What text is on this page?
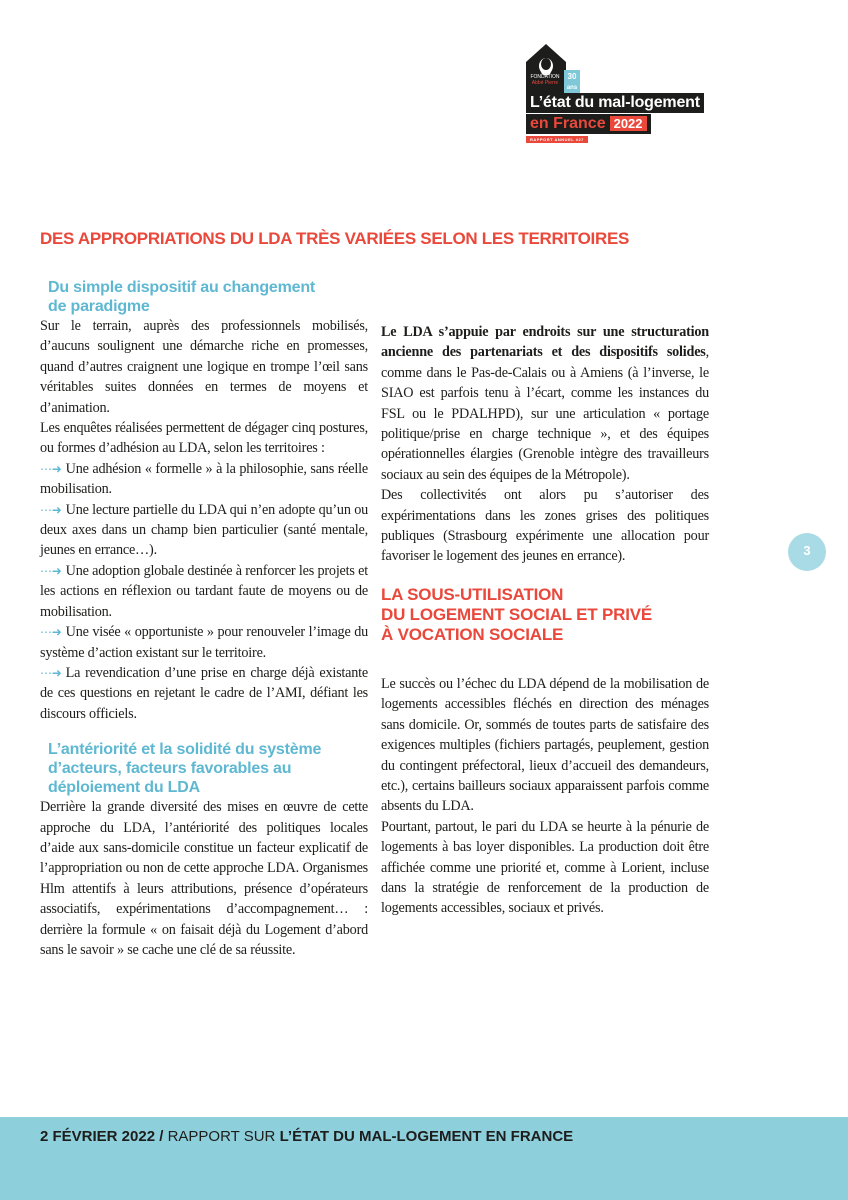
FONDATION
Abbé Pierre
30
ans
L’état du mal-logement
en France 2022
RAPPORT ANNUEL #27
DES APPROPRIATIONS DU LDA TRÈS VARIÉES SELON LES TERRITOIRES
Du simple dispositif au changement
de paradigme

Sur le terrain, auprès des professionnels mobilisés, d’aucuns soulignent une démarche riche en promesses, quand d’autres craignent une logique en trompe l’œil sans véritables suites données en termes de moyens et d’animation.

Les enquêtes réalisées permettent de dégager cinq postures, ou formes d’adhésion au LDA, selon les territoires :

⋯➜ Une adhésion « formelle » à la philosophie, sans réelle mobilisation.

⋯➜ Une lecture partielle du LDA qui n’en adopte qu’un ou deux axes dans un champ bien particulier (santé mentale, jeunes en errance…).

⋯➜ Une adoption globale destinée à renforcer les projets et les actions en réflexion ou tardant faute de moyens ou de mobilisation.

⋯➜ Une visée « opportuniste » pour renouveler l’image du système d’action existant sur le territoire.

⋯➜ La revendication d’une prise en charge déjà existante de ces questions en rejetant le cadre de l’AMI, défiant les discours officiels.

L’antériorité et la solidité du système
d’acteurs, facteurs favorables au
déploiement du LDA

Derrière la grande diversité des mises en œuvre de cette approche du LDA, l’antériorité des politiques locales d’aide aux sans-domicile constitue un facteur explicatif de l’appropriation ou non de cette approche LDA. Organismes Hlm attentifs à leurs attributions, présence d’opérateurs associatifs, expérimentations d’accompagnement… : derrière la formule « on faisait déjà du Logement d’abord sans le savoir » se cache une clé de sa réussite.

Le LDA s’appuie par endroits sur une structuration ancienne des partenariats et des dispositifs solides, comme dans le Pas-de-Calais ou à Amiens (à l’inverse, le SIAO est parfois tenu à l’écart, comme les instances du FSL ou le PDALHPD), sur une articulation « portage politique/prise en charge technique », et des équipes opérationnelles élargies (Grenoble intègre des travailleurs sociaux au sein des équipes de la Métropole).

Des collectivités ont alors pu s’autoriser des expérimentations dans les zones grises des politiques publiques (Strasbourg expérimente une allocation pour favoriser le logement des jeunes en errance).

LA SOUS-UTILISATION
DU LOGEMENT SOCIAL ET PRIVÉ
À VOCATION SOCIALE

Le succès ou l’échec du LDA dépend de la mobilisation de logements accessibles fléchés en direction des ménages sans domicile. Or, sommés de toutes parts de satisfaire des exigences multiples (fichiers partagés, peuplement, gestion du contingent préfectoral, lieux d’accueil des demandeurs, etc.), certains bailleurs sociaux apparaissent parfois comme absents du LDA.

Pourtant, partout, le pari du LDA se heurte à la pénurie de logements à bas loyer disponibles. La production doit être affichée comme une priorité et, comme à Lorient, incluse dans la stratégie de renforcement de la production de logements accessibles, sociaux et privés.

3
2 FÉVRIER 2022 / RAPPORT SUR L’ÉTAT DU MAL-LOGEMENT EN FRANCE
